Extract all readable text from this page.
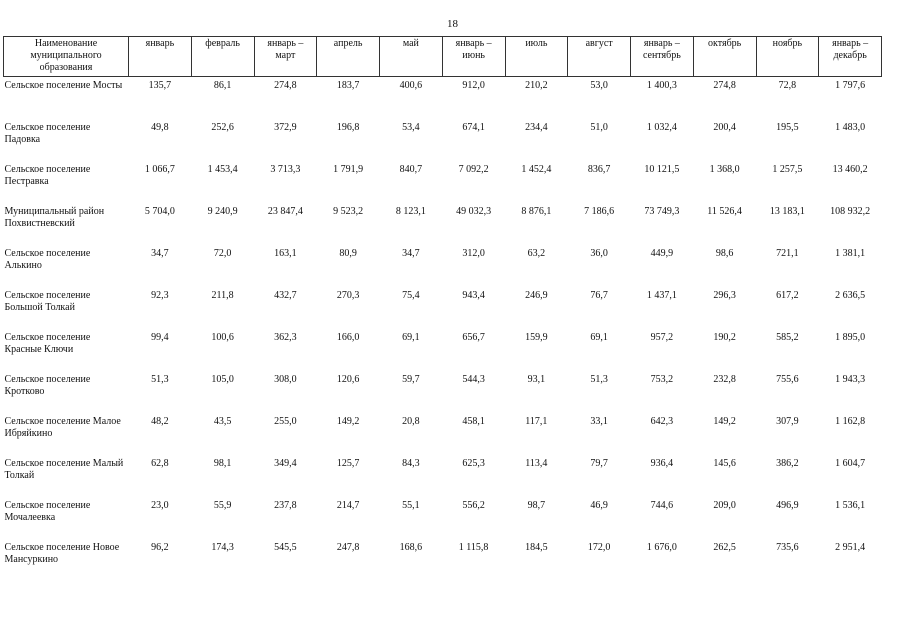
18
Наименование муниципального образования	январь	февраль	январь – март	апрель	май	январь – июнь	июль	август	январь – сентябрь	октябрь	ноябрь	январь – декабрь
Сельское поселение Мосты	135,7	86,1	274,8	183,7	400,6	912,0	210,2	53,0	1 400,3	274,8	72,8	1 797,6
Сельское поселение Падовка	49,8	252,6	372,9	196,8	53,4	674,1	234,4	51,0	1 032,4	200,4	195,5	1 483,0
Сельское поселение Пестравка	1 066,7	1 453,4	3 713,3	1 791,9	840,7	7 092,2	1 452,4	836,7	10 121,5	1 368,0	1 257,5	13 460,2
Муниципальный район Похвистневский	5 704,0	9 240,9	23 847,4	9 523,2	8 123,1	49 032,3	8 876,1	7 186,6	73 749,3	11 526,4	13 183,1	108 932,2
Сельское поселение Алькино	34,7	72,0	163,1	80,9	34,7	312,0	63,2	36,0	449,9	98,6	721,1	1 381,1
Сельское поселение Большой Толкай	92,3	211,8	432,7	270,3	75,4	943,4	246,9	76,7	1 437,1	296,3	617,2	2 636,5
Сельское поселение Красные Ключи	99,4	100,6	362,3	166,0	69,1	656,7	159,9	69,1	957,2	190,2	585,2	1 895,0
Сельское поселение Кротково	51,3	105,0	308,0	120,6	59,7	544,3	93,1	51,3	753,2	232,8	755,6	1 943,3
Сельское поселение Малое Ибряйкино	48,2	43,5	255,0	149,2	20,8	458,1	117,1	33,1	642,3	149,2	307,9	1 162,8
Сельское поселение Малый Толкай	62,8	98,1	349,4	125,7	84,3	625,3	113,4	79,7	936,4	145,6	386,2	1 604,7
Сельское поселение Мочалеевка	23,0	55,9	237,8	214,7	55,1	556,2	98,7	46,9	744,6	209,0	496,9	1 536,1
Сельское поселение Новое Мансуркино	96,2	174,3	545,5	247,8	168,6	1 115,8	184,5	172,0	1 676,0	262,5	735,6	2 951,4
